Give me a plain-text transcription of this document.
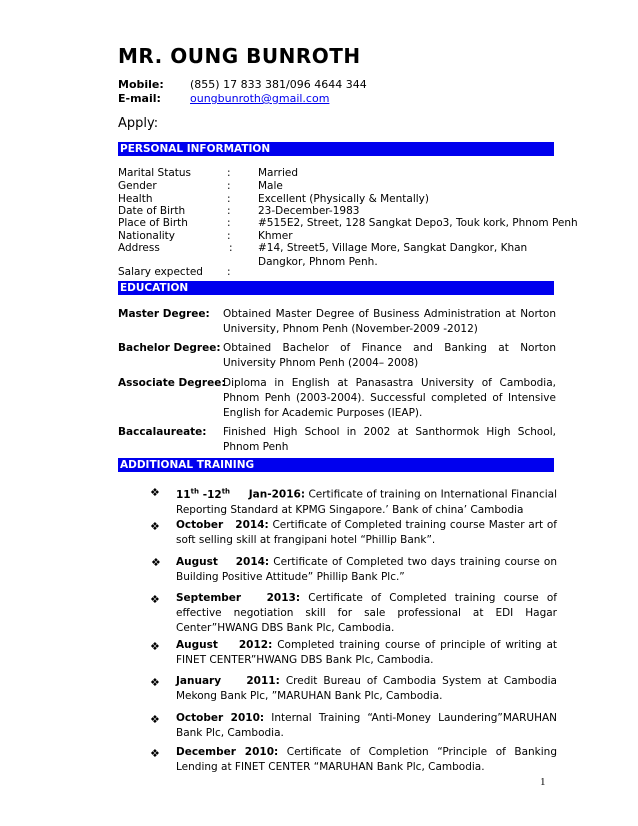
MR. OUNG BUNROTH
Mobile: (855) 17 833 381/096 4644 344
E-mail:	oungbunroth@gmail.com
Apply:
PERSONAL INFORMATION
Marital Status	:	Married
Gender	:	Male
Health	:	Excellent (Physically & Mentally)
Date of Birth	:	23-December-1983
Place of Birth	:	#515E2, Street, 128 Sangkat Depo3, Touk kork, Phnom Penh
Nationality	:	Khmer
Address	: #14, Street5, Village More, Sangkat Dangkor, Khan
Dangkor, Phnom Penh.
Salary expected :
EDUCATION
Master Degree: Obtained Master Degree of Business Administration at Norton University, Phnom Penh (November-2009 -2012)
Bachelor Degree: Obtained Bachelor of Finance and Banking at Norton University Phnom Penh (2004– 2008)
Associate Degree:
Diploma in English at Panasastra University of Cambodia, Phnom Penh (2003-2004). Successful completed of Intensive English for Academic Purposes (IEAP).
Baccalaureate: Finished High School in 2002 at Santhormok High School, Phnom Penh
ADDITIONAL TRAINING
❖ 11th -12th Jan-2016: Certificate of training on International Financial Reporting Standard at KPMG Singapore.’ Bank of china’ Cambodia
❖ October   2014: Certificate of Completed training course Master art of soft selling skill at frangipani hotel “Phillip Bank”.
❖ August    2014: Certificate of Completed two days training course on Building Positive Attitude” Phillip Bank Plc.”
❖ September   2013: Certificate of Completed training course of effective negotiation skill for sale professional at EDI Hagar Center”HWANG DBS Bank Plc, Cambodia.
❖ August    2012: Completed training course of principle of writing at FINET CENTER”HWANG DBS Bank Plc, Cambodia.
❖ January    2011: Credit Bureau of Cambodia System at Cambodia Mekong Bank Plc, ”MARUHAN Bank Plc, Cambodia.
❖ October 2010: Internal Training “Anti-Money Laundering”MARUHAN Bank Plc, Cambodia.
❖ December 2010: Certificate of Completion “Principle of Banking Lending at FINET CENTER “MARUHAN Bank Plc, Cambodia.
1
